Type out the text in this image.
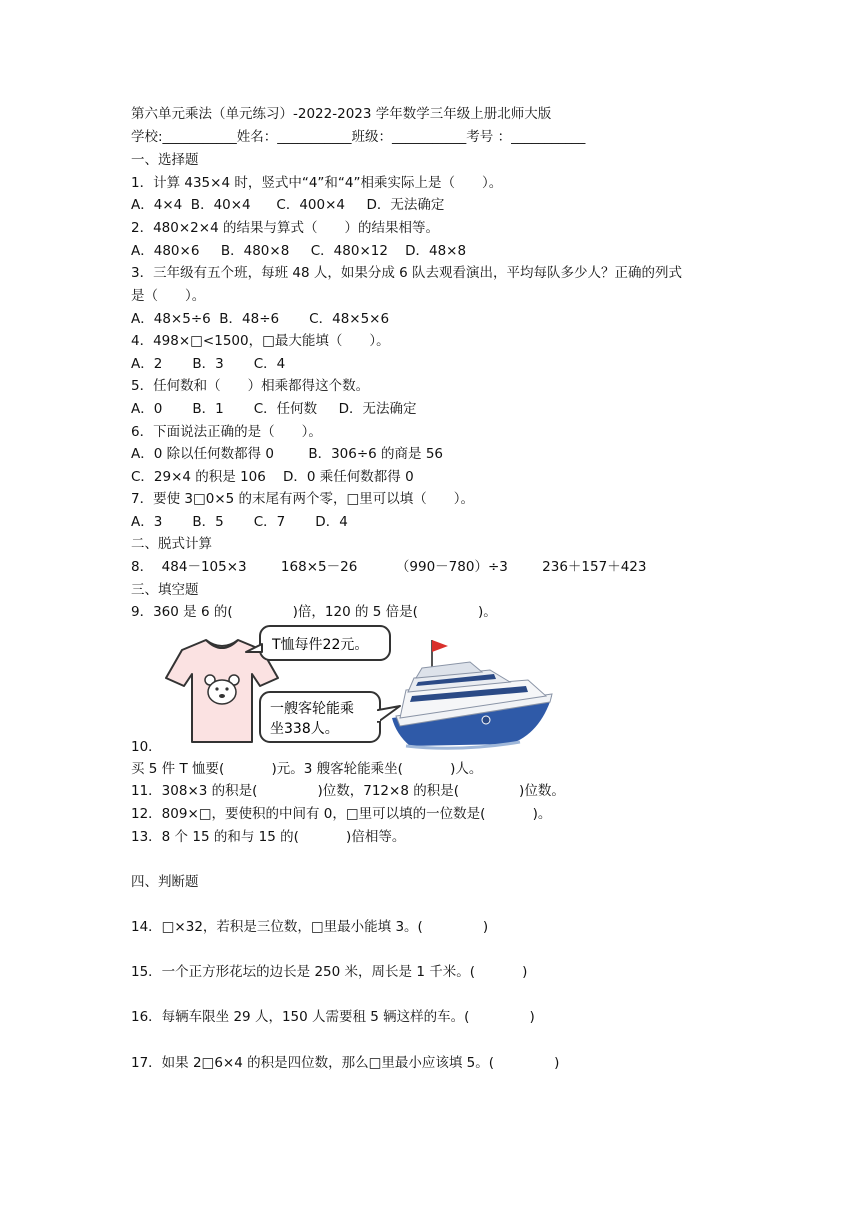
第六单元乘法（单元练习）-2022-2023 学年数学三年级上册北师大版
学校:___________姓名：___________班级：___________考号 ：___________
一、选择题
1．计算 435×4 时，竖式中“4”和“4”相乘实际上是（　　）。
A．4×4  B．40×4      C．400×4     D．无法确定
2．480×2×4 的结果与算式（　　）的结果相等。
A．480×6     B．480×8     C．480×12    D．48×8
3．三年级有五个班，每班 48 人，如果分成 6 队去观看演出，平均每队多少人？正确的列式
是（　　）。
A．48×5÷6  B．48÷6       C．48×5×6
4．498×□<1500，□最大能填（　　）。
A．2       B．3       C．4
5．任何数和（　　）相乘都得这个数。
A．0       B．1       C．任何数     D．无法确定
6．下面说法正确的是（　　）。
A．0 除以任何数都得 0        B．306÷6 的商是 56
C．29×4 的积是 106    D．0 乘任何数都得 0
7．要使 3□0×5 的末尾有两个零，□里可以填（　　）。
A．3       B．5       C．7       D．4
二、脱式计算
8．  484－105×3        168×5－26         （990－780）÷3        236＋157＋423
三、填空题
9．360 是 6 的(              )倍，120 的 5 倍是(              )。
T恤每件22元。
一艘客轮能乘
坐338人。
10．
买 5 件 T 恤要(           )元。3 艘客轮能乘坐(           )人。
11．308×3 的积是(              )位数，712×8 的积是(              )位数。
12．809×□，要使积的中间有 0，□里可以填的一位数是(           )。
13．8 个 15 的和与 15 的(           )倍相等。
四、判断题
14．□×32，若积是三位数，□里最小能填 3。(              )
15．一个正方形花坛的边长是 250 米，周长是 1 千米。(           )
16．每辆车限坐 29 人，150 人需要租 5 辆这样的车。(              )
17．如果 2□6×4 的积是四位数，那么□里最小应该填 5。(              )
